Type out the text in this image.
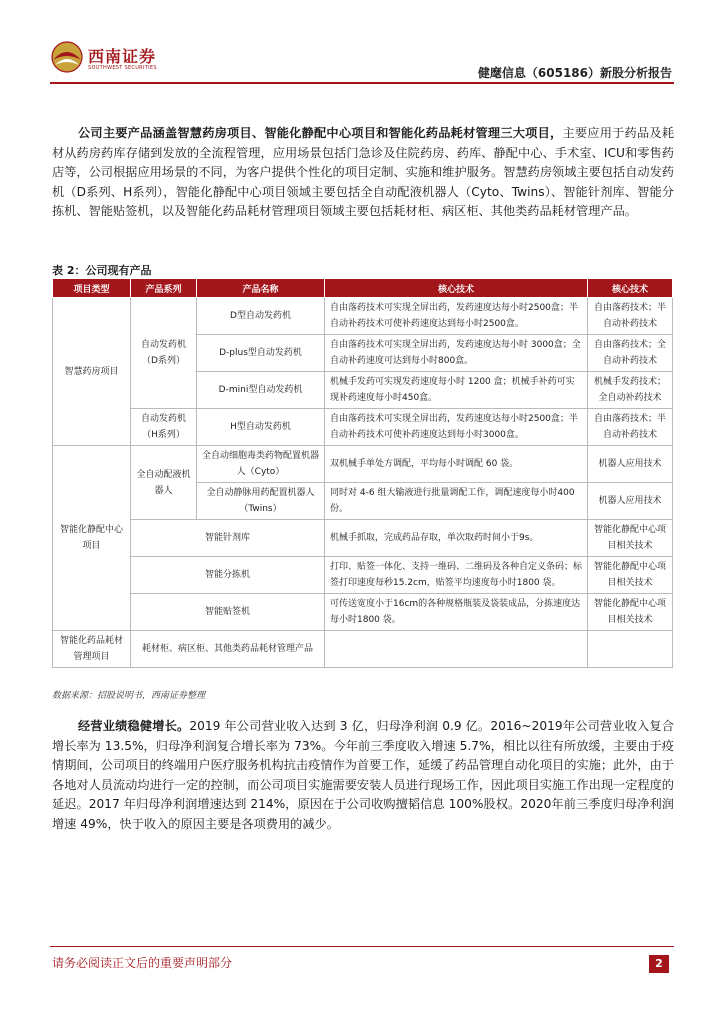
西南证券
SOUTHWEST SECURITIES	健麾信息（605186）新股分析报告
公司主要产品涵盖智慧药房项目、智能化静配中心项目和智能化药品耗材管理三大项目，主要应用于药品及耗材从药房药库存储到发放的全流程管理，应用场景包括门急诊及住院药房、药库、静配中心、手术室、ICU和零售药店等，公司根据应用场景的不同，为客户提供个性化的项目定制、实施和维护服务。智慧药房领域主要包括自动发药机（D系列、H系列），智能化静配中心项目领域主要包括全自动配液机器人（Cyto、Twins）、智能针剂库、智能分拣机、智能贴签机，以及智能化药品耗材管理项目领域主要包括耗材柜、病区柜、其他类药品耗材管理产品。
表 2：公司现有产品
项目类型	产品系列	产品名称	核心技术	核心技术
智慧药房项目	自动发药机（D系列）	D型自动发药机	自由落药技术可实现全屏出药，发药速度达每小时2500盒；半自动补药技术可使补药速度达到每小时2500盒。	自由落药技术；半自动补药技术
		D-plus型自动发药机	自由落药技术可实现全屏出药，发药速度达每小时 3000盒；全自动补药速度可达到每小时800盒。	自由落药技术；全自动补药技术
		D-mini型自动发药机	机械手发药可实现发药速度每小时 1200 盒；机械手补药可实现补药速度每小时450盒。	机械手发药技术；全自动补药技术
	自动发药机（H系列）	H型自动发药机	自由落药技术可实现全屏出药，发药速度达每小时2500盒；半自动补药技术可使补药速度达到每小时3000盒。	自由落药技术；半自动补药技术
智能化静配中心项目	全自动配液机器人	全自动细胞毒类药物配置机器人（Cyto）	双机械手单处方调配，平均每小时调配 60 袋。	机器人应用技术
		全自动静脉用药配置机器人（Twins）	同时对 4-6 组大输液进行批量调配工作，调配速度每小时400份。	机器人应用技术
	智能针剂库		机械手抓取，完成药品存取，单次取药时间小于9s。	智能化静配中心项目相关技术
	智能分拣机		打印、贴签一体化、支持一维码、二维码及各种自定义条码；标签打印速度每秒15.2cm，贴签平均速度每小时1800 袋。	智能化静配中心项目相关技术
	智能贴签机		可传送宽度小于16cm的各种规格瓶装及袋装成品，分拣速度达每小时1800 袋。	智能化静配中心项目相关技术
智能化药品耗材管理项目	耗材柜、病区柜、其他类药品耗材管理产品			
数据来源：招股说明书，西南证券整理
经营业绩稳健增长。2019 年公司营业收入达到 3 亿，归母净利润 0.9 亿。2016~2019年公司营业收入复合增长率为 13.5%，归母净利润复合增长率为 73%。今年前三季度收入增速 5.7%，相比以往有所放缓，主要由于疫情期间，公司项目的终端用户医疗服务机构抗击疫情作为首要工作，延缓了药品管理自动化项目的实施；此外，由于各地对人员流动均进行一定的控制，而公司项目实施需要安装人员进行现场工作，因此项目实施工作出现一定程度的延迟。2017 年归母净利润增速达到 214%，原因在于公司收购擅韬信息 100%股权。2020年前三季度归母净利润增速 49%，快于收入的原因主要是各项费用的减少。
请务必阅读正文后的重要声明部分	2
